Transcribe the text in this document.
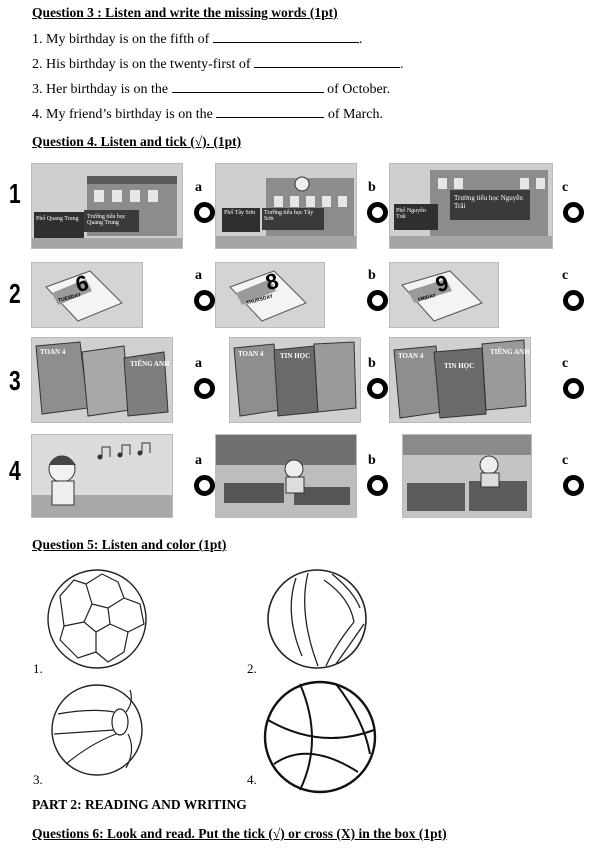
Question 3 : Listen and write the missing words (1pt)
1. My birthday is on the fifth of	.
2. His birthday is on the twenty-first of	.
3. Her birthday is on the	of October.
4. My friend’s birthday is on the	of March.
Question 4. Listen and tick (√). (1pt)
1
2
3
4
Phố Quang Trung	Trường tiểu học Quang Trung
Phố Tây Sơn	Trường tiểu học Tây Sơn
Phố Nguyễn Trãi
Trường tiểu học Nguyễn Trãi
6
TUESDAY
8
THURSDAY
9
FRIDAY
TOAN 4
TIẾNG ANH
TOAN 4 TIN HỌC	TOAN 4
TIN HỌC
TIẾNG ANH
a	b	c
a	b	c
a	b	c
a	b	c
Question 5: Listen and color (1pt)
1.	2.
3.	4.
PART 2: READING AND WRITING
Questions 6: Look and read. Put the tick (√) or cross (X) in the box (1pt)
